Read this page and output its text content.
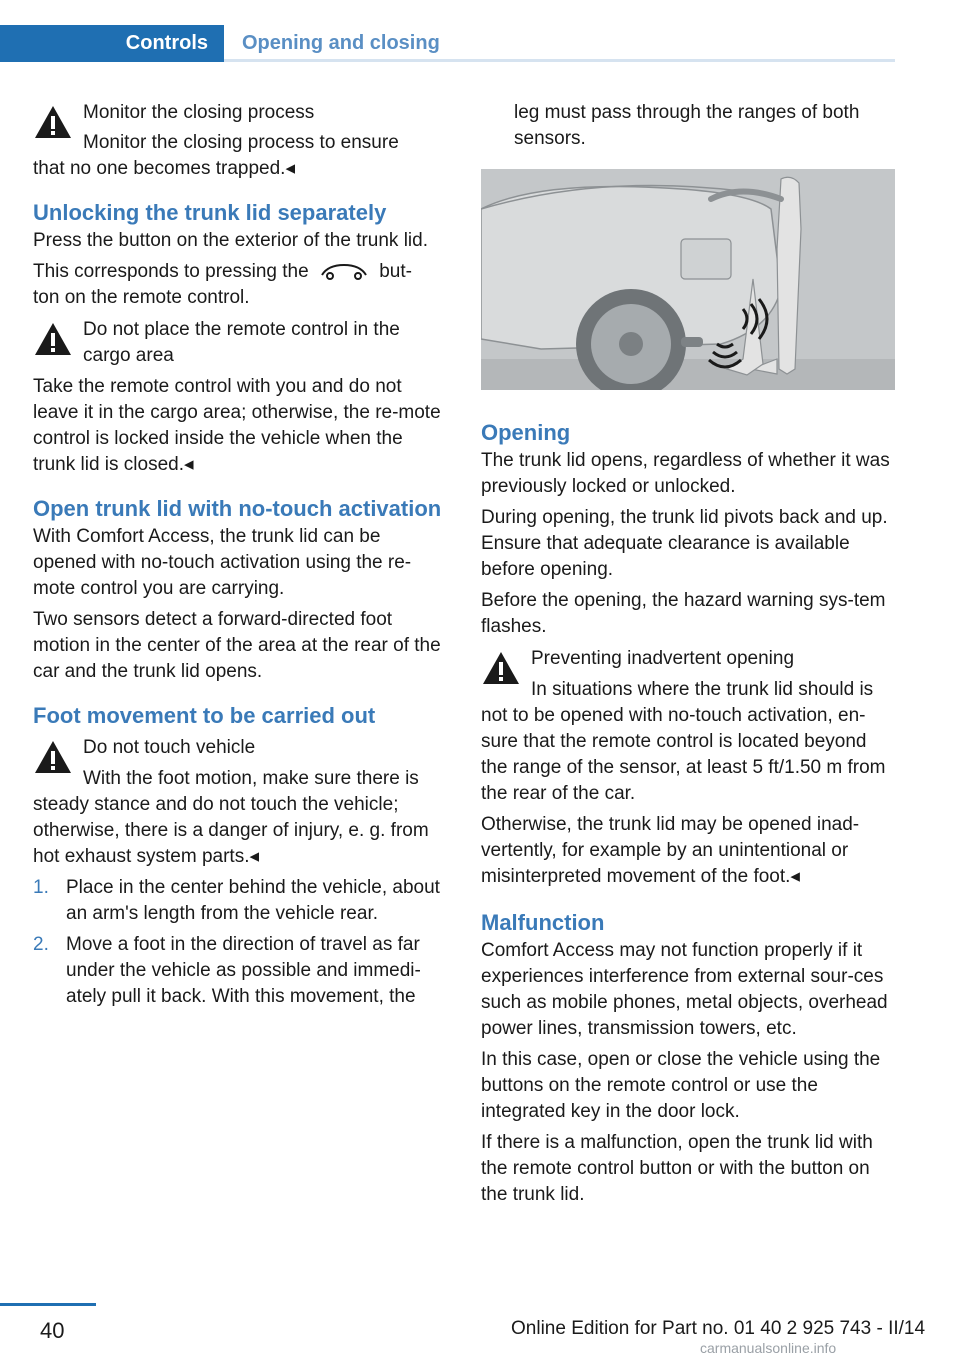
Controls	Opening and closing

Monitor the closing process

Monitor the closing process to ensure

that no one becomes trapped.◂

Unlocking the trunk lid separately

Press the button on the exterior of the trunk lid.

This corresponds to pressing the	but-
ton on the remote control.

Do not place the remote control in the

cargo area

Take the remote control with you and do not leave it in the cargo area; otherwise, the re-mote control is locked inside the vehicle when the trunk lid is closed.◂

Open trunk lid with no-touch activation

With Comfort Access, the trunk lid can be opened with no-touch activation using the re-mote control you are carrying.

Two sensors detect a forward-directed foot motion in the center of the area at the rear of the car and the trunk lid opens.

Foot movement to be carried out

Do not touch vehicle

With the foot motion, make sure there is

steady stance and do not touch the vehicle; otherwise, there is a danger of injury, e. g. from hot exhaust system parts.◂

1. Place in the center behind the vehicle, about an arm's length from the vehicle rear.
2. Move a foot in the direction of travel as far under the vehicle as possible and immedi-ately pull it back. With this movement, the

leg must pass through the ranges of both sensors.

Opening

The trunk lid opens, regardless of whether it was previously locked or unlocked.

During opening, the trunk lid pivots back and up. Ensure that adequate clearance is available before opening.

Before the opening, the hazard warning sys-tem flashes.

Preventing inadvertent opening

In situations where the trunk lid should is

not to be opened with no-touch activation, en-sure that the remote control is located beyond the range of the sensor, at least 5 ft/1.50 m from the rear of the car.

Otherwise, the trunk lid may be opened inad-vertently, for example by an unintentional or misinterpreted movement of the foot.◂

Malfunction

Comfort Access may not function properly if it experiences interference from external sour-ces such as mobile phones, metal objects, overhead power lines, transmission towers, etc.

In this case, open or close the vehicle using the buttons on the remote control or use the integrated key in the door lock.

If there is a malfunction, open the trunk lid with the remote control button or with the button on the trunk lid.

40	Online Edition for Part no. 01 40 2 925 743 - II/14
carmanualsonline.info
